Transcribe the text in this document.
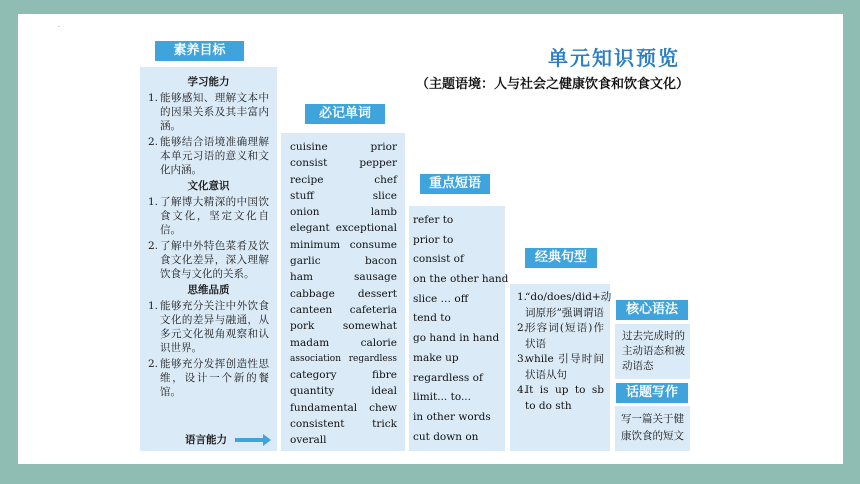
.
单元知识预览
（主题语境：人与社会之健康饮食和饮食文化）
素养目标
必记单词
重点短语
经典句型
核心语法
话题写作
学习能力
1. 能够感知、理解文本中的因果关系及其丰富内涵。
2. 能够结合语境准确理解本单元习语的意义和文化内涵。
文化意识
1. 了解博大精深的中国饮食文化，坚定文化自信。
2. 了解中外特色菜肴及饮食文化差异，深入理解饮食与文化的关系。
思维品质
1. 能够充分关注中外饮食文化的差异与融通，从多元文化视角观察和认识世界。
2. 能够充分发挥创造性思维，设计一个新的餐馆。
语言能力
cuisine	prior
consist	pepper
recipe	chef
stuff	slice
onion	lamb
elegant exceptional
minimum consume
garlic	bacon
ham	sausage
cabbage dessert
canteen cafeteria
pork	somewhat
madam	calorie
association regardless
category	fibre
quantity	ideal
fundamental chew
consistent	trick
overall
refer to
prior to
consist of
on the other hand
slice … off
tend to
go hand in hand
make up
regardless of
limit... to...
in other words
cut down on
1.
“do/does/did+动词原形”强调谓语
2.
形容词(短语)作状语
3.
while 引导时间状语从句
4.
It is up to sb to do sth
过去完成时的主动语态和被动语态
写一篇关于健康饮食的短文
